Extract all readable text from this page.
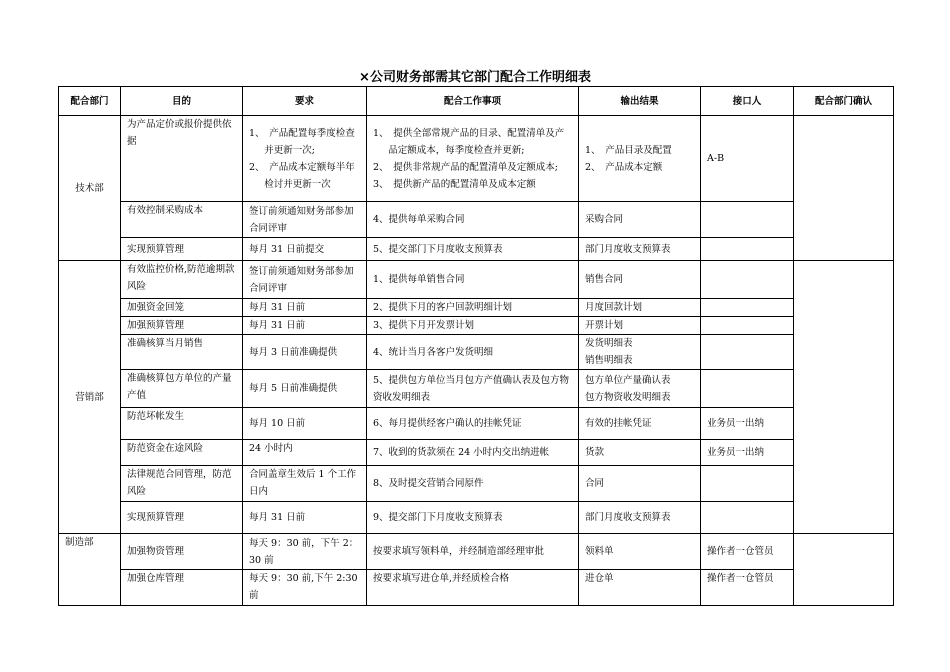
×公司财务部需其它部门配合工作明细表
配合部门	目的	要求	配合工作事项	输出结果	接口人	配合部门确认
技术部	为产品定价或报价提供依据	1、　产品配置每季度检查并更新一次;
2、　产品成本定额每半年检讨并更新一次	1、　提供全部常规产品的目录、配置清单及产品定额成本，每季度检查并更新;
2、　提供非常规产品的配置清单及定额成本;
3、　提供新产品的配置清单及成本定额	1、　产品目录及配置
2、　产品成本定额	A-B	
	有效控制采购成本	签订前须通知财务部参加合同评审	4、提供每单采购合同	采购合同		
	实现预算管理	每月 31 日前提交	5、提交部门下月度收支预算表	部门月度收支预算表		
营销部	有效监控价格,防范逾期款风险	签订前须通知财务部参加合同评审	1、提供每单销售合同	销售合同		
	加强资金回笼	每月 31 日前	2、提供下月的客户回款明细计划	月度回款计划		
	加强预算管理	每月 31 日前	3、提供下月开发票计划	开票计划		
	准确核算当月销售	每月 3 日前准确提供	4、统计当月各客户发货明细	发货明细表
销售明细表		
	准确核算包方单位的产量产值	每月 5 日前准确提供	5、提供包方单位当月包方产值确认表及包方物资收发明细表	包方单位产量确认表
包方物资收发明细表		
	防范坏帐发生	每月 10 日前	6、每月提供经客户确认的挂帐凭证	有效的挂帐凭证	业务员一出纳	
	防范资金在途风险	24 小时内	7、收到的货款须在 24 小时内交出纳进帐	货款	业务员一出纳	
	法律规范合同管理，防范风险	合同盖章生效后 1 个工作日内	8、及时提交营销合同原件	合同		
	实现预算管理	每月 31 日前	9、提交部门下月度收支预算表	部门月度收支预算表		
制造部	加强物资管理	每天 9：30 前，下午 2：30 前	按要求填写领料单，并经制造部经理审批	领料单	操作者一仓管员	
	加强仓库管理	每天 9：30 前,下午 2:30 前	按要求填写进仓单,并经质检合格	进仓单	操作者一仓管员	
